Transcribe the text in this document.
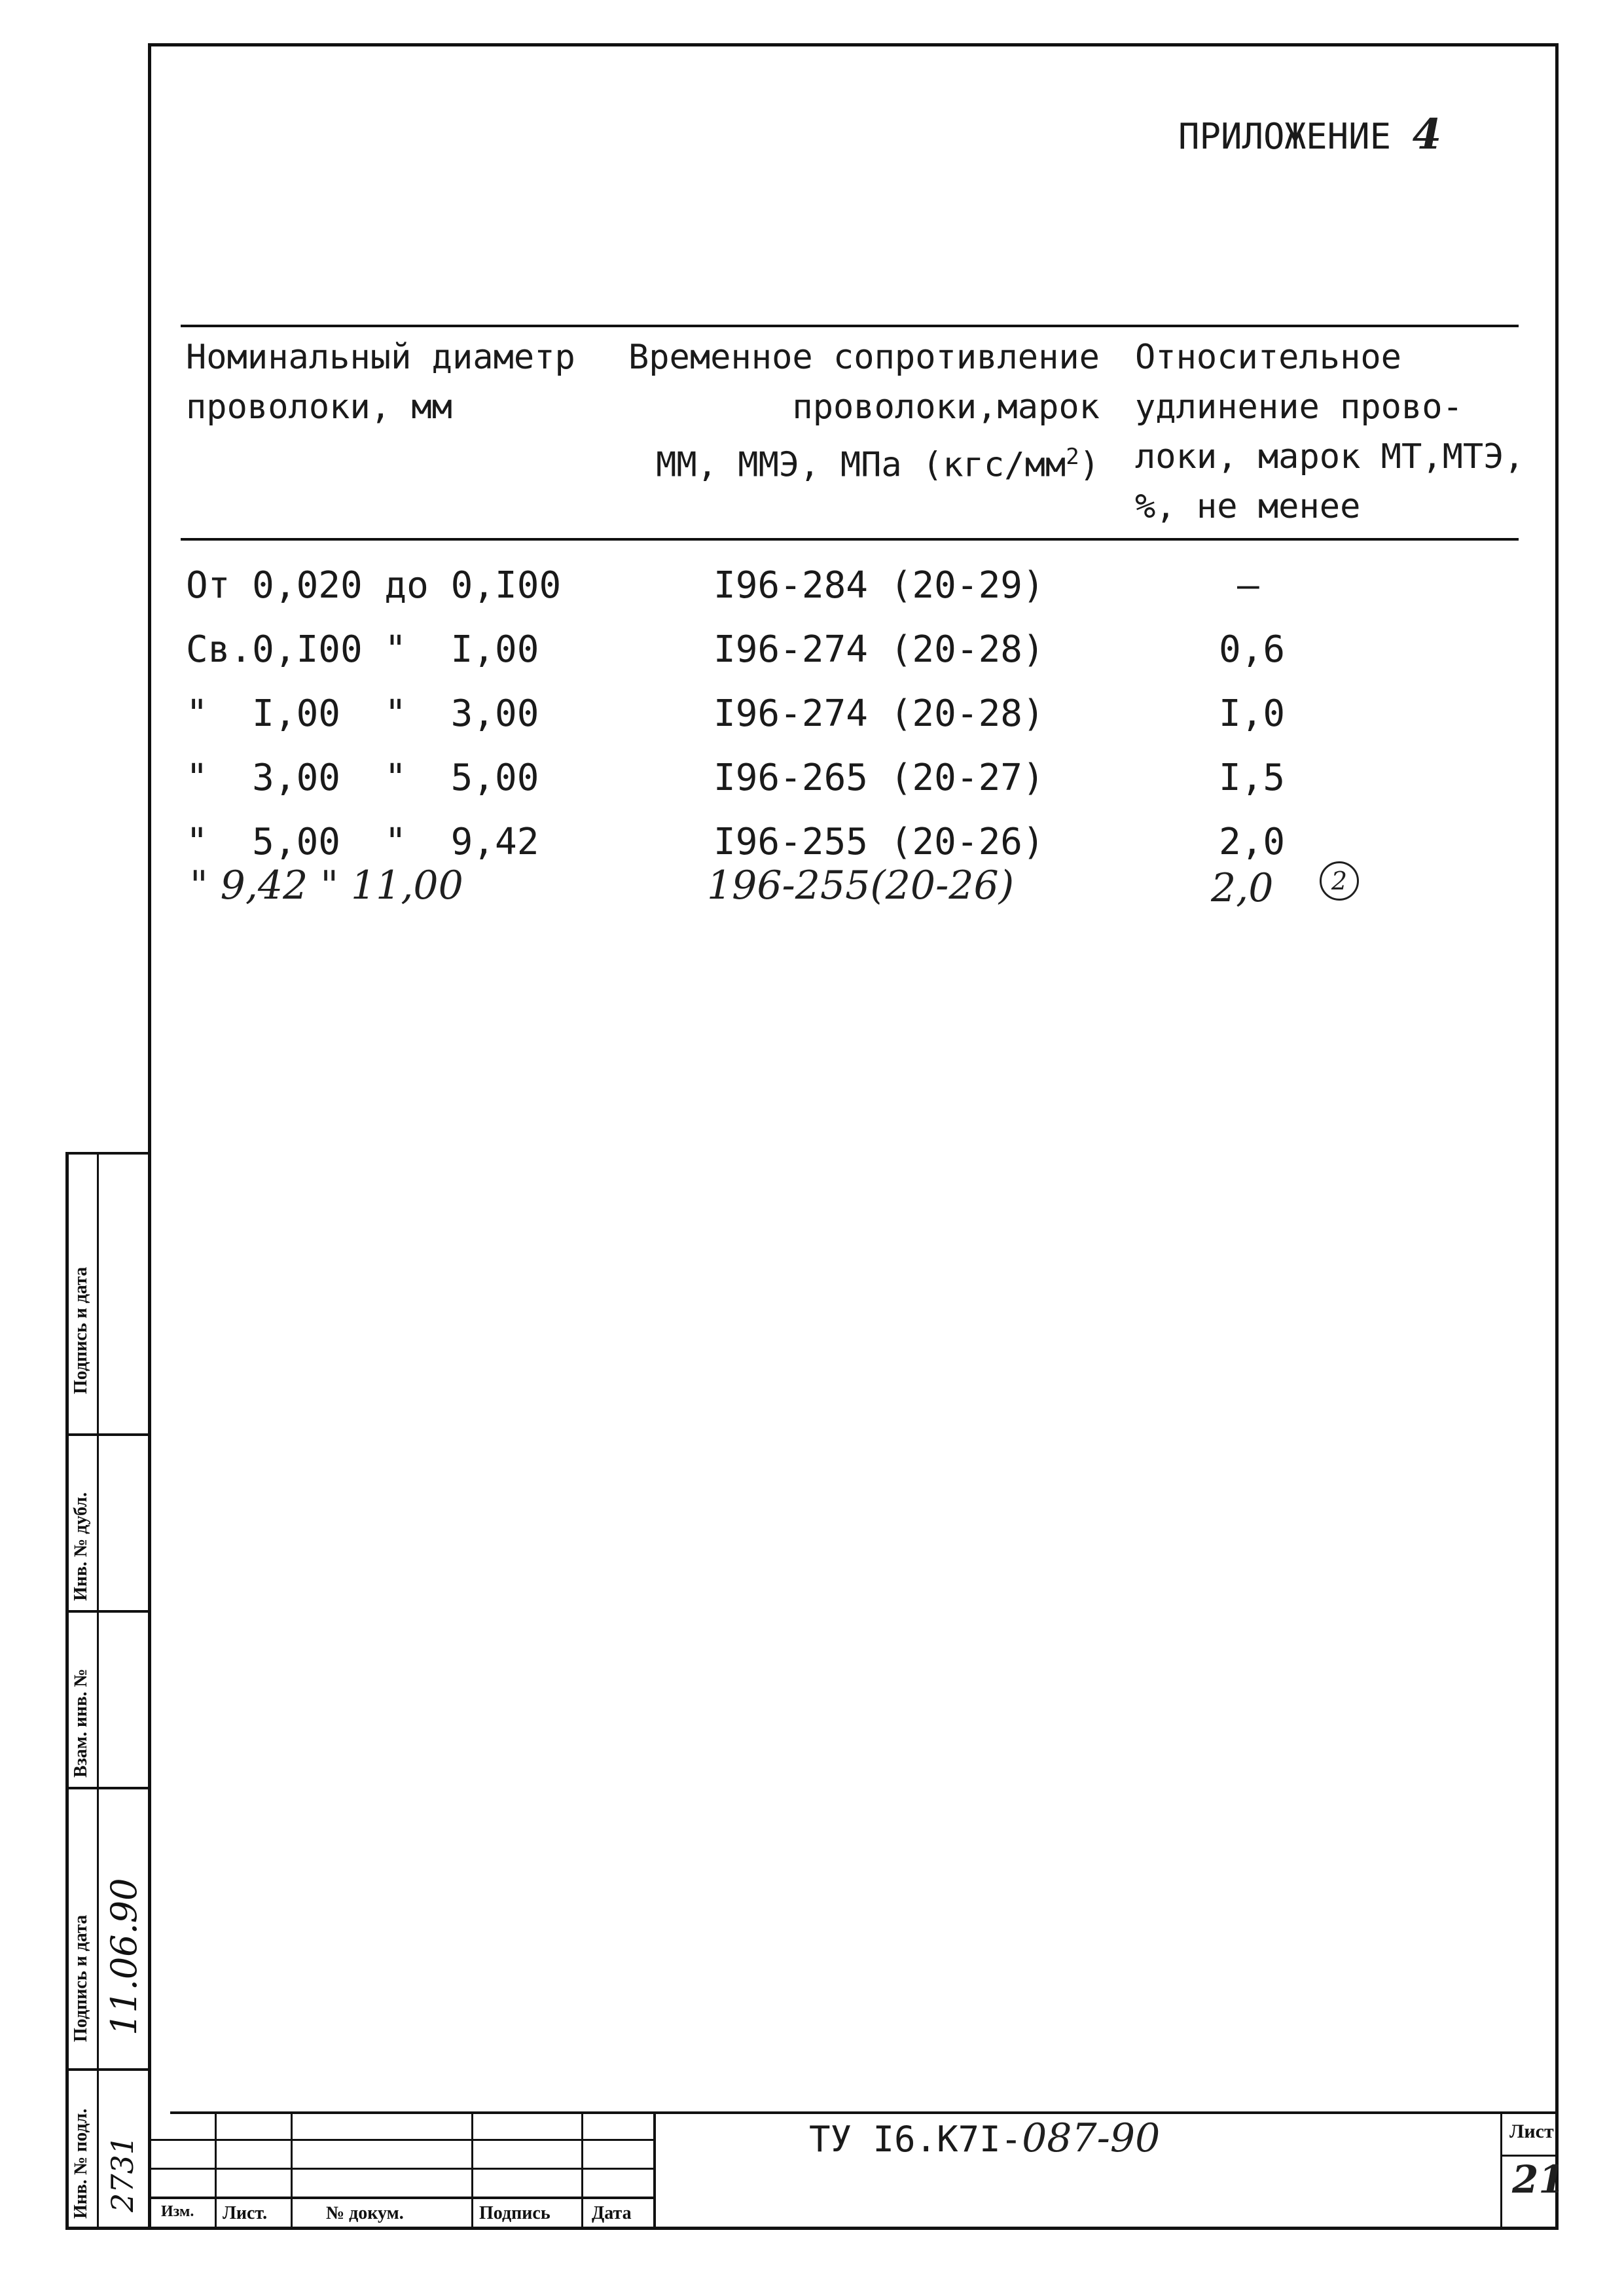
ПРИЛОЖЕНИЕ 4
Номинальный диаметр
проволоки, мм
Временное сопротивление
проволоки,марок
ММ, ММЭ, МПа $(кгс/мм^2)$
Относительное
удлинение прово-
локи, марок МТ,МТЭ,
%, не менее
От 0,020 до 0,I00	I96-284 (20-29)	–
Св.0,I00 "  I,00	I96-274 (20-28)	0,6
"  I,00  "  3,00	I96-274 (20-28)	I,0
"  3,00  "  5,00	I96-265 (20-27)	I,5
"  5,00  "  9,42	I96-255 (20-26)	2,0
" 9,42 " 11,00	196-255(20-26)	2,0	2
Инв. № подл.
Подпись и дата
Взам. инв. №
Инв. № дубл.
Подпись и дата
2731
11.06.90
Изм. Лист.	№ докум.	Подпись Дата
ТУ I6.К7I-087-90	Лист
21
